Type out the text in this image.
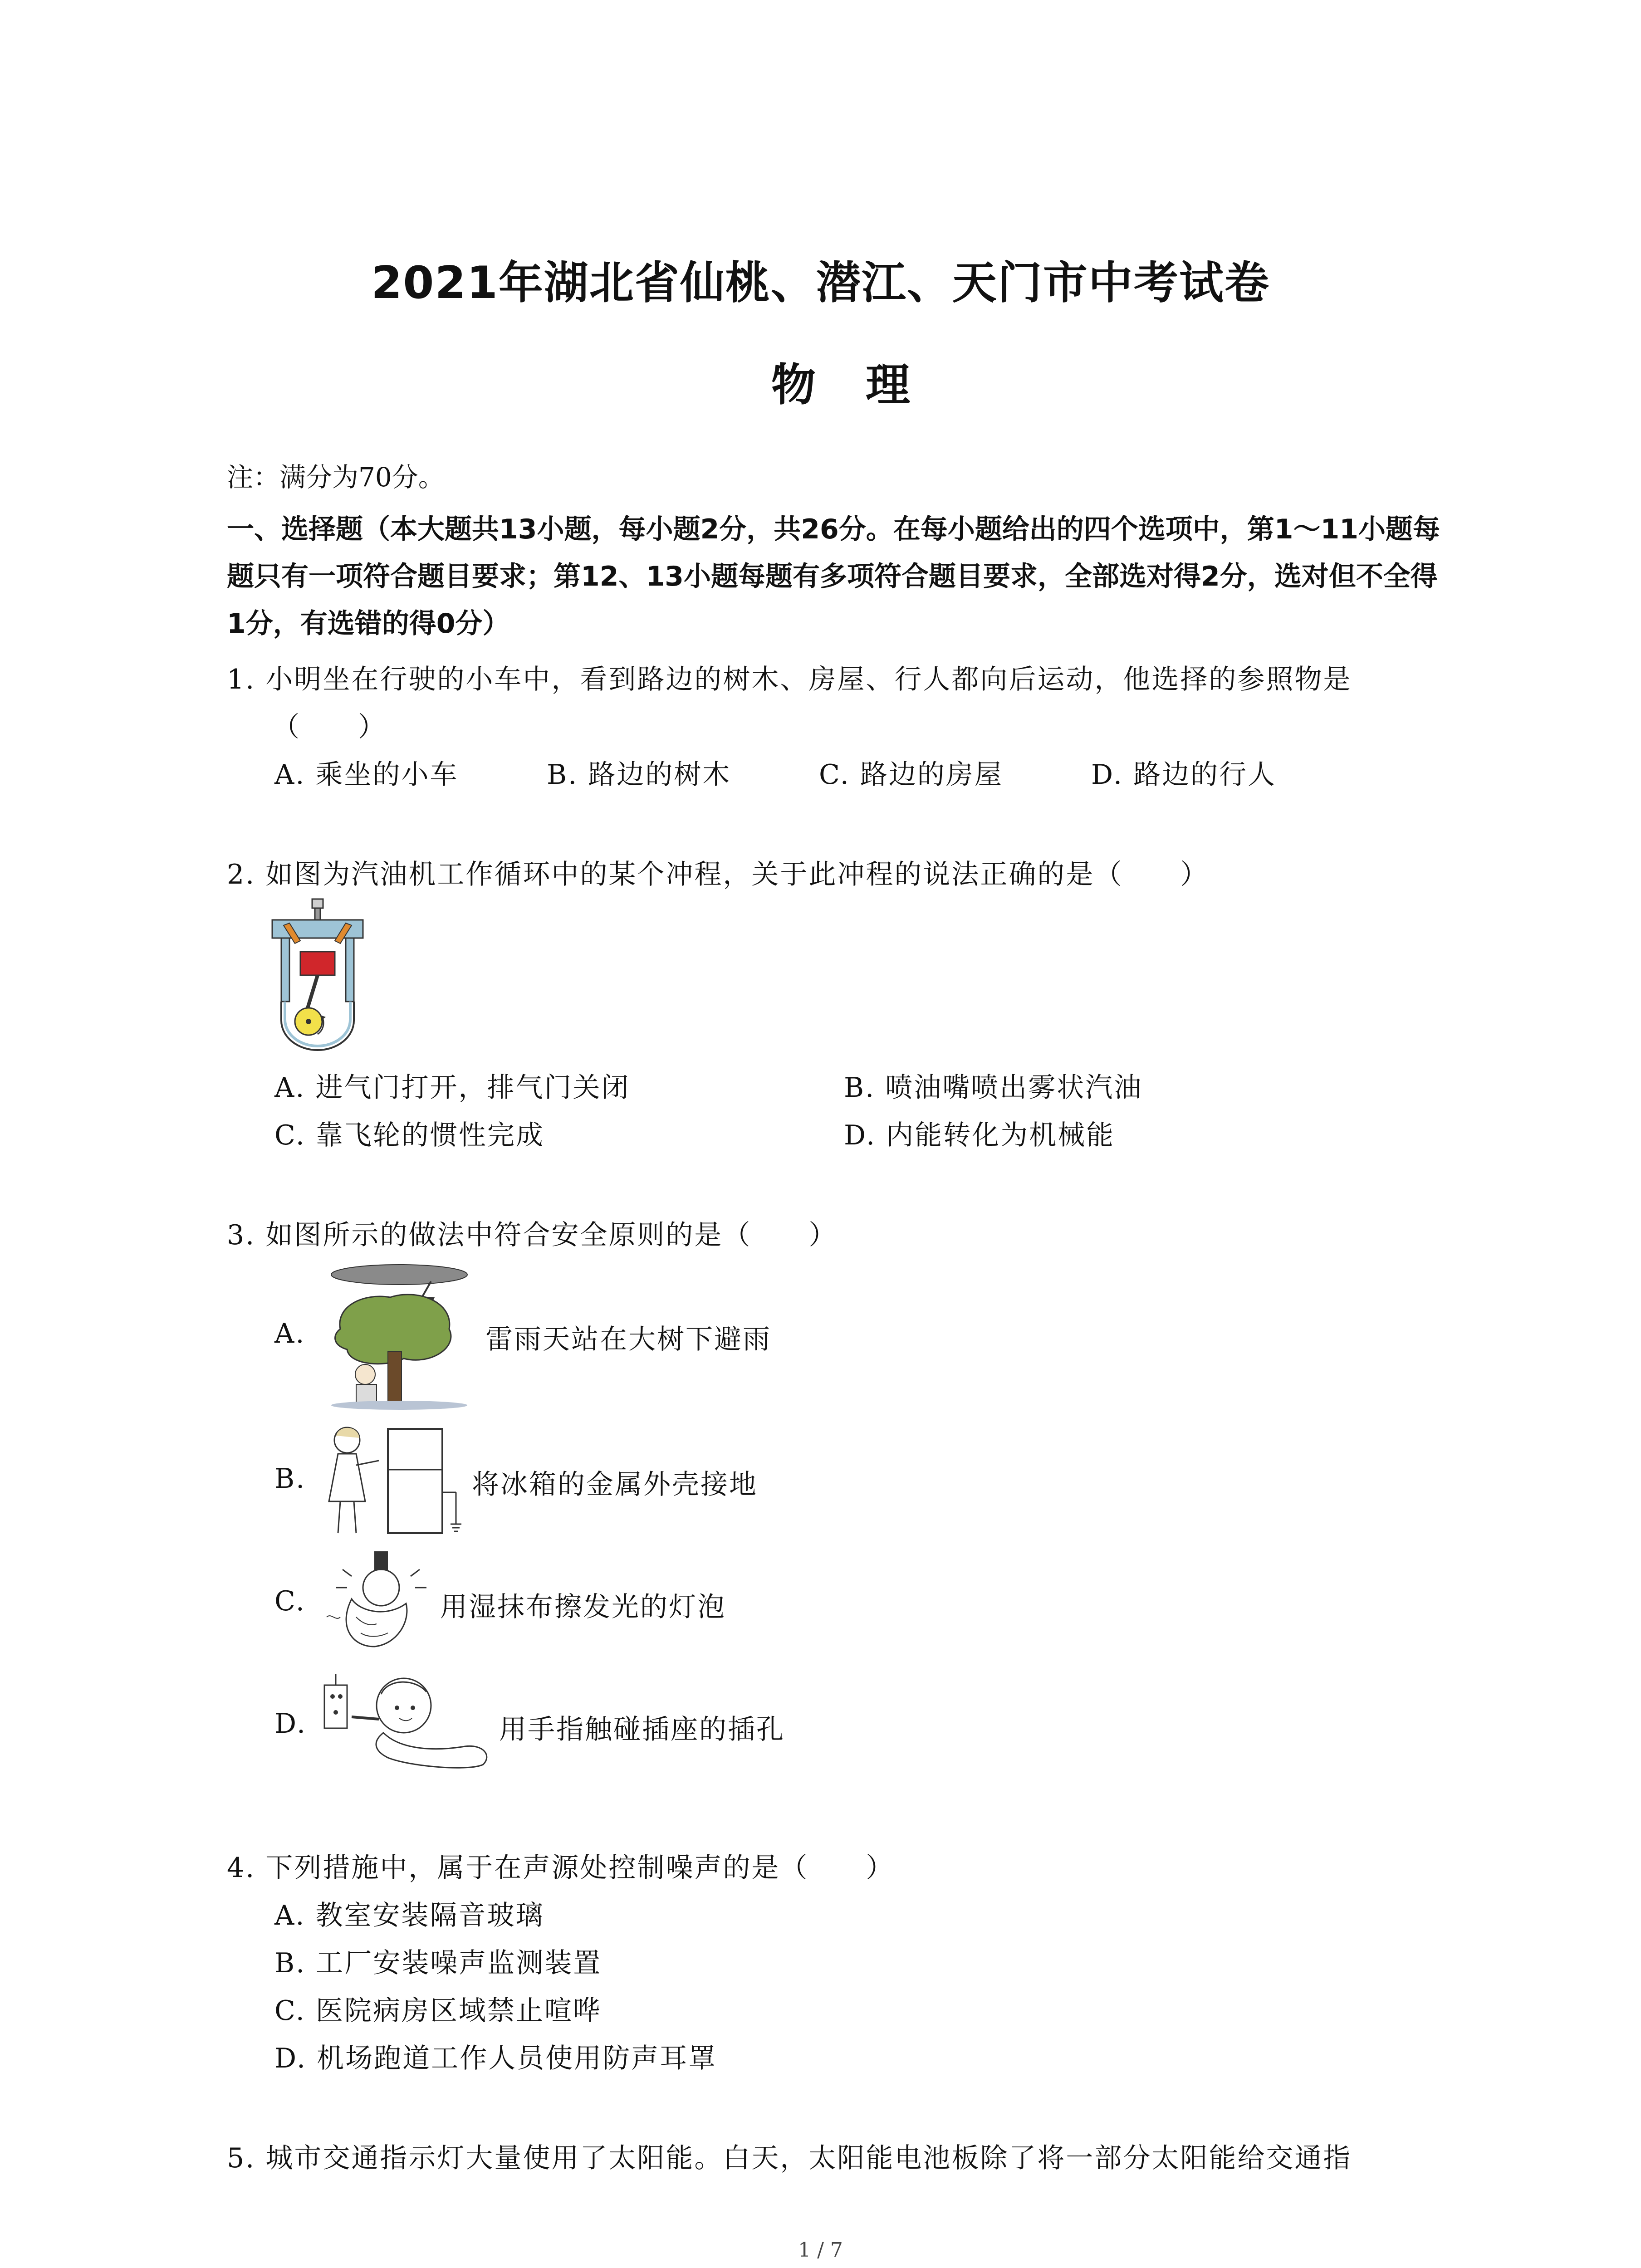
2021年湖北省仙桃、潜江、天门市中考试卷
物理
注：满分为70分。
一、选择题（本大题共13小题，每小题2分，共26分。在每小题给出的四个选项中，第1～11小题每题只有一项符合题目要求；第12、13小题每题有多项符合题目要求，全部选对得2分，选对但不全得1分，有选错的得0分）
1. 小明坐在行驶的小车中，看到路边的树木、房屋、行人都向后运动，他选择的参照物是
（　　）
A. 乘坐的小车	B. 路边的树木	C. 路边的房屋	D. 路边的行人
2. 如图为汽油机工作循环中的某个冲程，关于此冲程的说法正确的是（　　）
A. 进气门打开，排气门关闭	B. 喷油嘴喷出雾状汽油
C. 靠飞轮的惯性完成	D. 内能转化为机械能
3. 如图所示的做法中符合安全原则的是（　　）
A.	雷雨天站在大树下避雨
B.	将冰箱的金属外壳接地
C.	用湿抹布擦发光的灯泡
D.	用手指触碰插座的插孔
4. 下列措施中，属于在声源处控制噪声的是（　　）
A. 教室安装隔音玻璃
B. 工厂安装噪声监测装置
C. 医院病房区域禁止喧哗
D. 机场跑道工作人员使用防声耳罩
5. 城市交通指示灯大量使用了太阳能。白天，太阳能电池板除了将一部分太阳能给交通指
1 / 7
